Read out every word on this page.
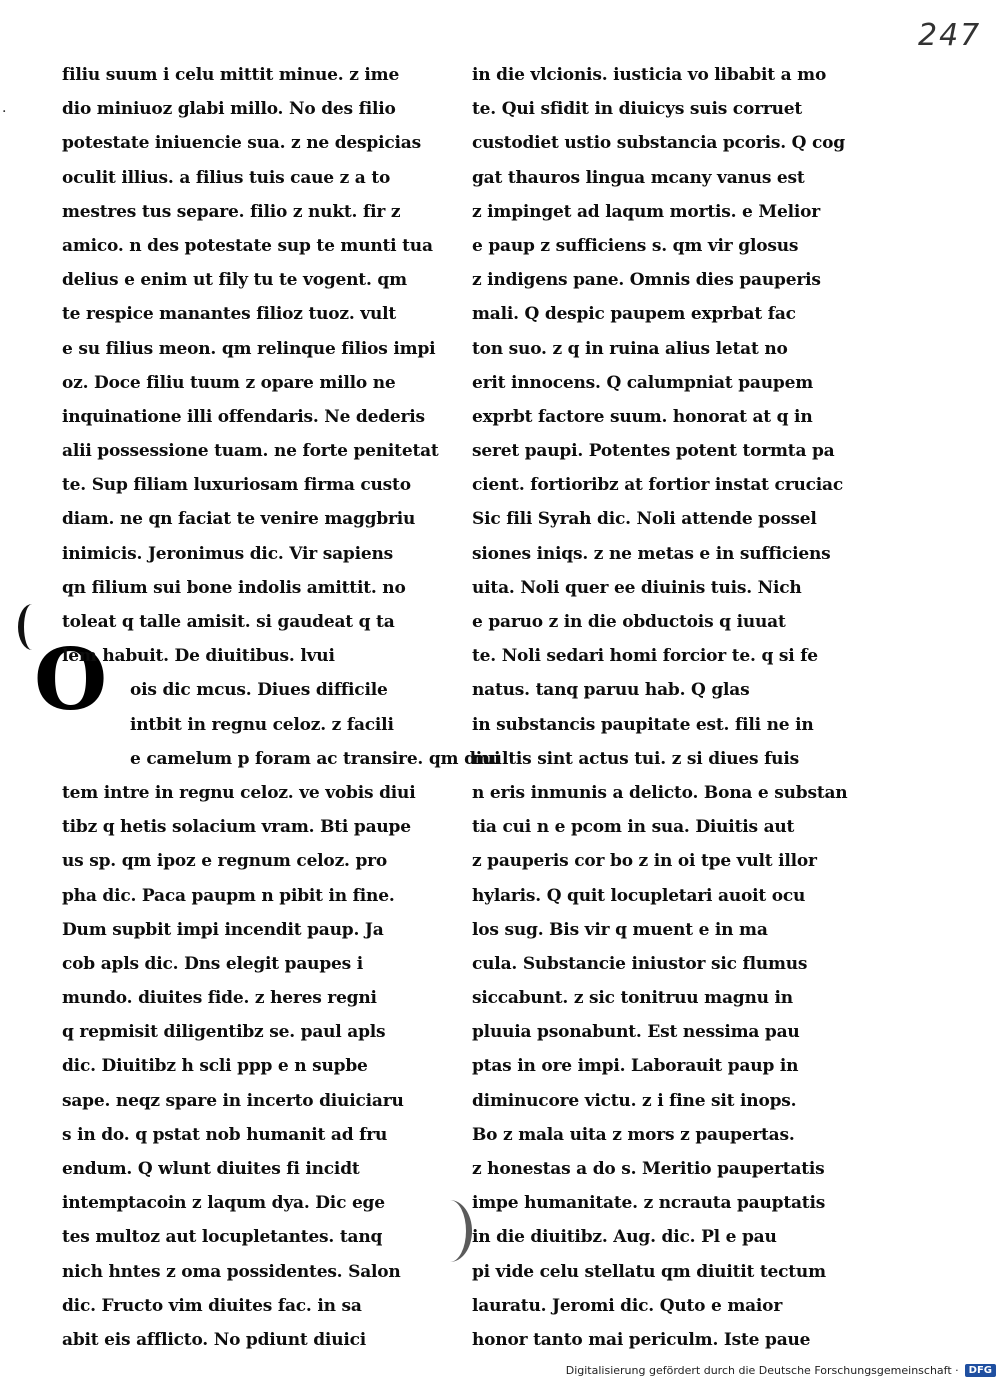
247
·
O
filiu suum i celu mittit minue. z ime
dio miniuoz glabi millo. No des filio
potestate iniuencie sua. z ne despicias
oculit illius. a filius tuis caue z a to
mestres tus separe. filio z nukt. fir z
amico. n des potestate sup te munti tua
delius e enim ut fily tu te vogent. qm
te respice manantes filioz tuoz. vult
e su filius meon. qm relinque filios impi
oz. Doce filiu tuum z opare millo ne
inquinatione illi offendaris. Ne dederis
alii possessione tuam. ne forte penitetat
te. Sup filiam luxuriosam firma custo
diam. ne qn faciat te venire maggbriu
inimicis. Jeronimus dic. Vir sapiens
qn filium sui bone indolis amittit. no
toleat q talle amisit. si gaudeat q ta
lem habuit. De diuitibus. lvui
ois dic mcus. Diues difficile
intbit in regnu celoz. z facili
e camelum p foram ac transire. qm diui
tem intre in regnu celoz. ve vobis diui
tibz q hetis solacium vram. Bti paupe
us sp. qm ipoz e regnum celoz. pro
pha dic. Paca paupm n pibit in fine.
Dum supbit impi incendit paup. Ja
cob apls dic. Dns elegit paupes i
mundo. diuites fide. z heres regni
q repmisit diligentibz se. paul apls
dic. Diuitibz h scli ppp e n supbe
sape. neqz spare in incerto diuiciaru
s in do. q pstat nob humanit ad fru
endum. Q wlunt diuites fi incidt
intemptacoin z laqum dya. Dic ege
tes multoz aut locupletantes. tanq
nich hntes z oma possidentes. Salon
dic. Fructo vim diuites fac. in sa
abit eis afflicto. No pdiunt diuici
in die vlcionis. iusticia vo libabit a mo
te. Qui sfidit in diuicys suis corruet
custodiet ustio substancia pcoris. Q cog
gat thauros lingua mcany vanus est
z impinget ad laqum mortis. e Melior
e paup z sufficiens s. qm vir glosus
z indigens pane. Omnis dies pauperis
mali. Q despic paupem exprbat fac
ton suo. z q in ruina alius letat no
erit innocens. Q calumpniat paupem
exprbt factore suum. honorat at q in
seret paupi. Potentes potent tormta pa
cient. fortioribz at fortior instat cruciac
Sic fili Syrah dic. Noli attende possel
siones iniqs. z ne metas e in sufficiens
uita. Noli quer ee diuinis tuis. Nich
e paruo z in die obductois q iuuat
te. Noli sedari homi forcior te. q si fe
natus. tanq paruu hab. Q glas
in substancis paupitate est. fili ne in
multis sint actus tui. z si diues fuis
n eris inmunis a delicto. Bona e substan
tia cui n e pcom in sua. Diuitis aut
z pauperis cor bo z in oi tpe vult illor
hylaris. Q quit locupletari auoit ocu
los sug. Bis vir q muent e in ma
cula. Substancie iniustor sic flumus
siccabunt. z sic tonitruu magnu in
pluuia psonabunt. Est nessima pau
ptas in ore impi. Laborauit paup in
diminucore victu. z i fine sit inops.
Bo z mala uita z mors z paupertas.
z honestas a do s. Meritio paupertatis
impe humanitate. z ncrauta pauptatis
in die diuitibz. Aug. dic. Pl e pau
pi vide celu stellatu qm diuitit tectum
lauratu. Jeromi dic. Quto e maior
honor tanto mai periculm. Iste paue
Digitalisierung gefördert durch die Deutsche Forschungsgemeinschaft ·	DFG
